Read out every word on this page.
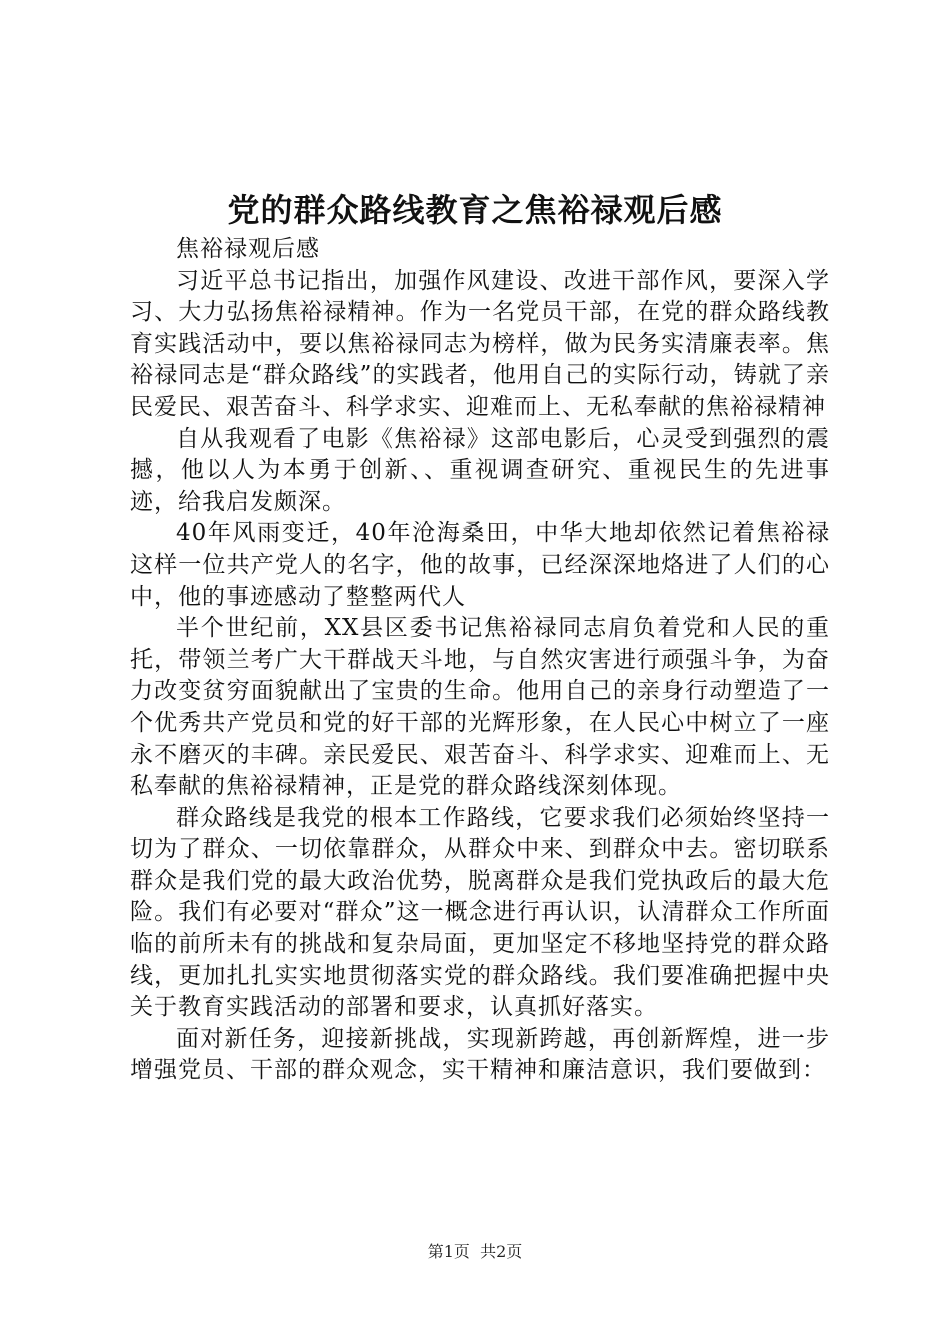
党的群众路线教育之焦裕禄观后感

焦裕禄观后感

习近平总书记指出，加强作风建设、改进干部作风，要深入学习、大力弘扬焦裕禄精神。作为一名党员干部，在党的群众路线教育实践活动中，要以焦裕禄同志为榜样，做为民务实清廉表率。焦裕禄同志是“群众路线”的实践者，他用自己的实际行动，铸就了亲民爱民、艰苦奋斗、科学求实、迎难而上、无私奉献的焦裕禄精神

自从我观看了电影《焦裕禄》这部电影后，心灵受到强烈的震撼，他以人为本勇于创新、、重视调查研究、重视民生的先进事迹，给我启发颇深。

40年风雨变迁，40年沧海桑田，中华大地却依然记着焦裕禄这样一位共产党人的名字，他的故事，已经深深地烙进了人们的心中，他的事迹感动了整整两代人

半个世纪前，XX县区委书记焦裕禄同志肩负着党和人民的重托，带领兰考广大干群战天斗地，与自然灾害进行顽强斗争，为奋力改变贫穷面貌献出了宝贵的生命。他用自己的亲身行动塑造了一个优秀共产党员和党的好干部的光辉形象，在人民心中树立了一座永不磨灭的丰碑。亲民爱民、艰苦奋斗、科学求实、迎难而上、无私奉献的焦裕禄精神，正是党的群众路线深刻体现。

群众路线是我党的根本工作路线，它要求我们必须始终坚持一切为了群众、一切依靠群众，从群众中来、到群众中去。密切联系群众是我们党的最大政治优势，脱离群众是我们党执政后的最大危险。我们有必要对“群众”这一概念进行再认识，认清群众工作所面临的前所未有的挑战和复杂局面，更加坚定不移地坚持党的群众路线，更加扎扎实实地贯彻落实党的群众路线。我们要准确把握中央关于教育实践活动的部署和要求，认真抓好落实。

面对新任务，迎接新挑战，实现新跨越，再创新辉煌，进一步增强党员、干部的群众观念，实干精神和廉洁意识，我们要做到：

第1页  共2页
